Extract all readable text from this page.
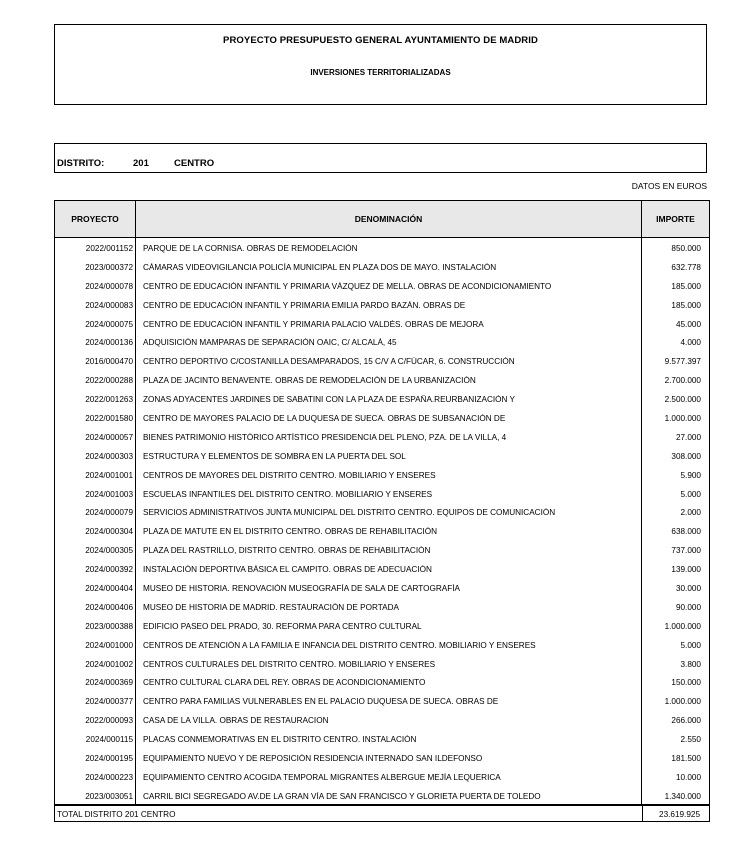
PROYECTO PRESUPUESTO GENERAL AYUNTAMIENTO DE MADRID
INVERSIONES TERRITORIALIZADAS
DISTRITO:	201	CENTRO
DATOS EN EUROS
PROYECTO	DENOMINACIÓN	IMPORTE
2022/001152 PARQUE DE LA CORNISA. OBRAS DE REMODELACIÓN	850.000
2023/000372 CÁMARAS VIDEOVIGILANCIA POLICÍA MUNICIPAL EN PLAZA DOS DE MAYO. INSTALACIÓN	632.778
2024/000078 CENTRO DE EDUCACIÓN INFANTIL Y PRIMARIA VÁZQUEZ DE MELLA. OBRAS DE ACONDICIONAMIENTO	185.000
2024/000083 CENTRO DE EDUCACIÓN INFANTIL Y PRIMARIA EMILIA PARDO BAZÁN. OBRAS DE	185.000
2024/000075 CENTRO DE EDUCACIÓN INFANTIL Y PRIMARIA PALACIO VALDÉS. OBRAS DE MEJORA	45.000
2024/000136 ADQUISICIÓN MAMPARAS DE SEPARACIÓN OAIC, C/ ALCALÁ, 45	4.000
2016/000470 CENTRO DEPORTIVO C/COSTANILLA DESAMPARADOS, 15 C/V A C/FÚCAR, 6. CONSTRUCCIÓN	9.577.397
2022/000288 PLAZA DE JACINTO BENAVENTE. OBRAS DE REMODELACIÓN DE LA URBANIZACIÓN	2.700.000
2022/001263 ZONAS ADYACENTES JARDINES DE SABATINI CON LA PLAZA DE ESPAÑA.REURBANIZACIÓN Y	2.500.000
2022/001580 CENTRO DE MAYORES PALACIO DE LA DUQUESA DE SUECA. OBRAS DE SUBSANACIÓN DE	1.000.000
2024/000057 BIENES PATRIMONIO HISTÓRICO ARTÍSTICO PRESIDENCIA DEL PLENO, PZA. DE LA VILLA, 4	27.000
2024/000303 ESTRUCTURA Y ELEMENTOS DE SOMBRA EN LA PUERTA DEL SOL	308.000
2024/001001 CENTROS DE MAYORES DEL DISTRITO CENTRO. MOBILIARIO Y ENSERES	5.900
2024/001003 ESCUELAS INFANTILES DEL DISTRITO CENTRO. MOBILIARIO Y ENSERES	5.000
2024/000079 SERVICIOS ADMINISTRATIVOS JUNTA MUNICIPAL DEL DISTRITO CENTRO. EQUIPOS DE COMUNICACIÓN	2.000
2024/000304 PLAZA DE MATUTE EN EL DISTRITO CENTRO. OBRAS DE REHABILITACIÓN	638.000
2024/000305 PLAZA DEL RASTRILLO, DISTRITO CENTRO. OBRAS DE REHABILITACIÓN	737.000
2024/000392 INSTALACIÓN DEPORTIVA BÁSICA EL CAMPITO. OBRAS DE ADECUACIÓN	139.000
2024/000404 MUSEO DE HISTORIA. RENOVACIÓN MUSEOGRAFÍA DE SALA DE CARTOGRAFÍA	30.000
2024/000406 MUSEO DE HISTORIA DE MADRID. RESTAURACIÓN DE PORTADA	90.000
2023/000388 EDIFICIO PASEO DEL PRADO, 30. REFORMA PARA CENTRO CULTURAL	1.000.000
2024/001000 CENTROS DE ATENCIÓN A LA FAMILIA E INFANCIA DEL DISTRITO CENTRO. MOBILIARIO Y ENSERES	5.000
2024/001002 CENTROS CULTURALES DEL DISTRITO CENTRO. MOBILIARIO Y ENSERES	3.800
2024/000369 CENTRO CULTURAL CLARA DEL REY. OBRAS DE ACONDICIONAMIENTO	150.000
2024/000377 CENTRO PARA FAMILIAS VULNERABLES EN EL PALACIO DUQUESA DE SUECA. OBRAS DE	1.000.000
2022/000093 CASA DE LA VILLA. OBRAS DE RESTAURACION	266.000
2024/000115 PLACAS CONMEMORATIVAS EN EL DISTRITO CENTRO. INSTALACIÓN	2.550
2024/000195 EQUIPAMIENTO NUEVO Y DE REPOSICIÓN RESIDENCIA INTERNADO SAN ILDEFONSO	181.500
2024/000223 EQUIPAMIENTO CENTRO ACOGIDA TEMPORAL MIGRANTES ALBERGUE MEJÍA LEQUERICA	10.000
2023/003051 CARRIL BICI SEGREGADO AV.DE LA GRAN VÍA DE SAN FRANCISCO Y GLORIETA PUERTA DE TOLEDO	1.340.000
TOTAL DISTRITO 201 CENTRO	23.619.925
